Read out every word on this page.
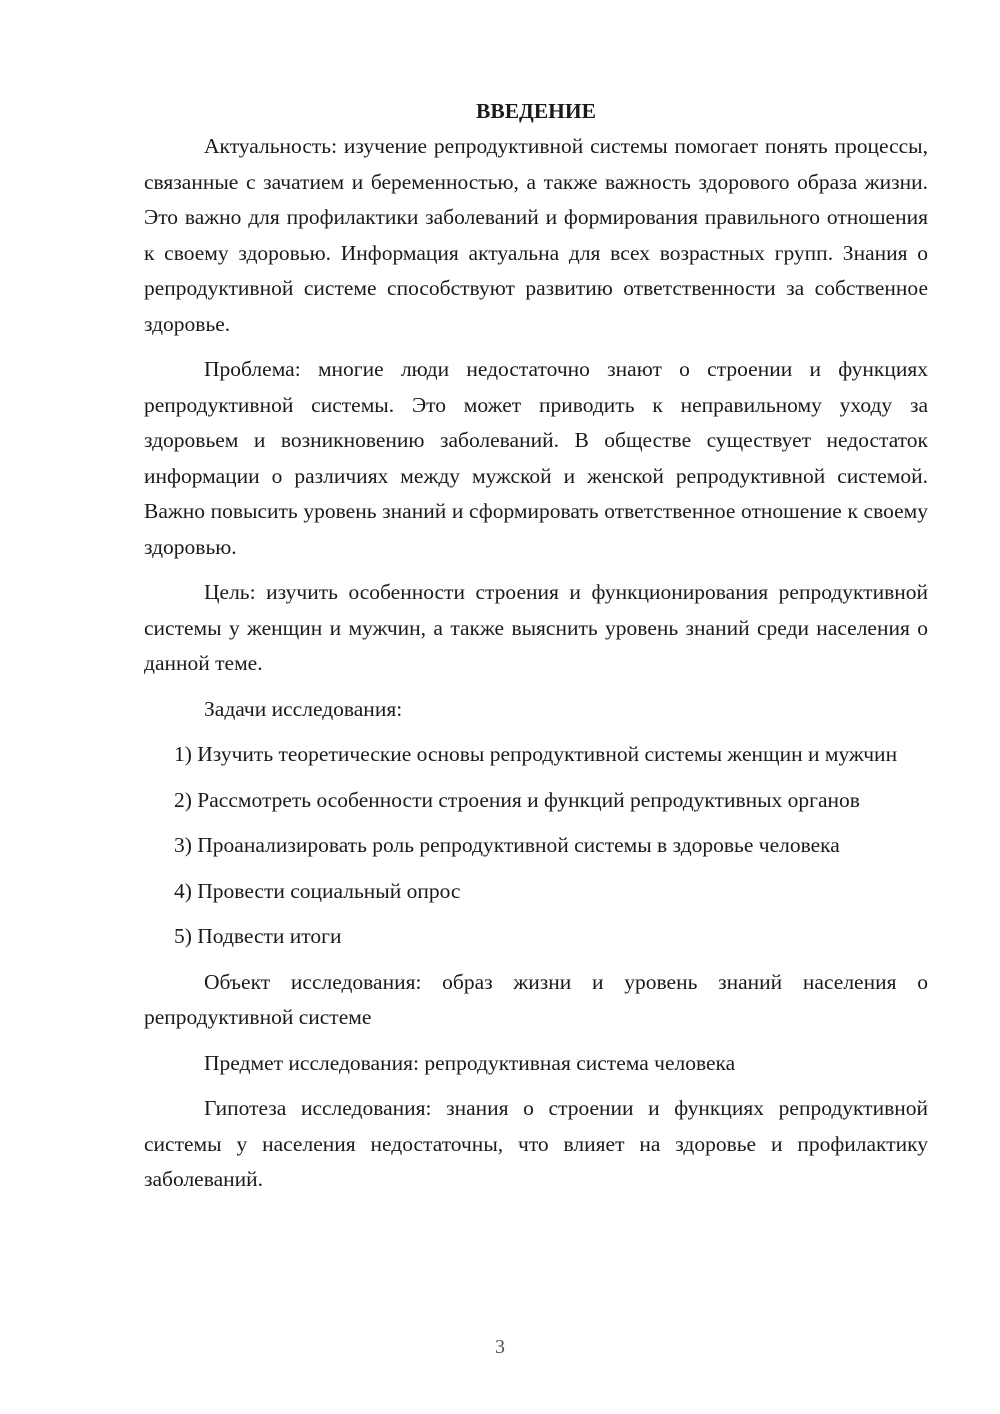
ВВЕДЕНИЕ

Актуальность: изучение репродуктивной системы помогает понять процессы, связанные с зачатием и беременностью, а также важность здорового образа жизни. Это важно для профилактики заболеваний и формирования правильного отношения к своему здоровью. Информация актуальна для всех возрастных групп. Знания о репродуктивной системе способствуют развитию ответственности за собственное здоровье.

Проблема: многие люди недостаточно знают о строении и функциях репродуктивной системы. Это может приводить к неправильному уходу за здоровьем и возникновению заболеваний. В обществе существует недостаток информации о различиях между мужской и женской репродуктивной системой. Важно повысить уровень знаний и сформировать ответственное отношение к своему здоровью.

Цель: изучить особенности строения и функционирования репродуктивной системы у женщин и мужчин, а также выяснить уровень знаний среди населения о данной теме.

Задачи исследования:

1) Изучить теоретические основы репродуктивной системы женщин и мужчин

2) Рассмотреть особенности строения и функций репродуктивных органов

3) Проанализировать роль репродуктивной системы в здоровье человека

4) Провести социальный опрос

5) Подвести итоги

Объект исследования: образ жизни и уровень знаний населения о репродуктивной системе

Предмет исследования: репродуктивная система человека

Гипотеза исследования: знания о строении и функциях репродуктивной системы у населения недостаточны, что влияет на здоровье и профилактику заболеваний.

3
